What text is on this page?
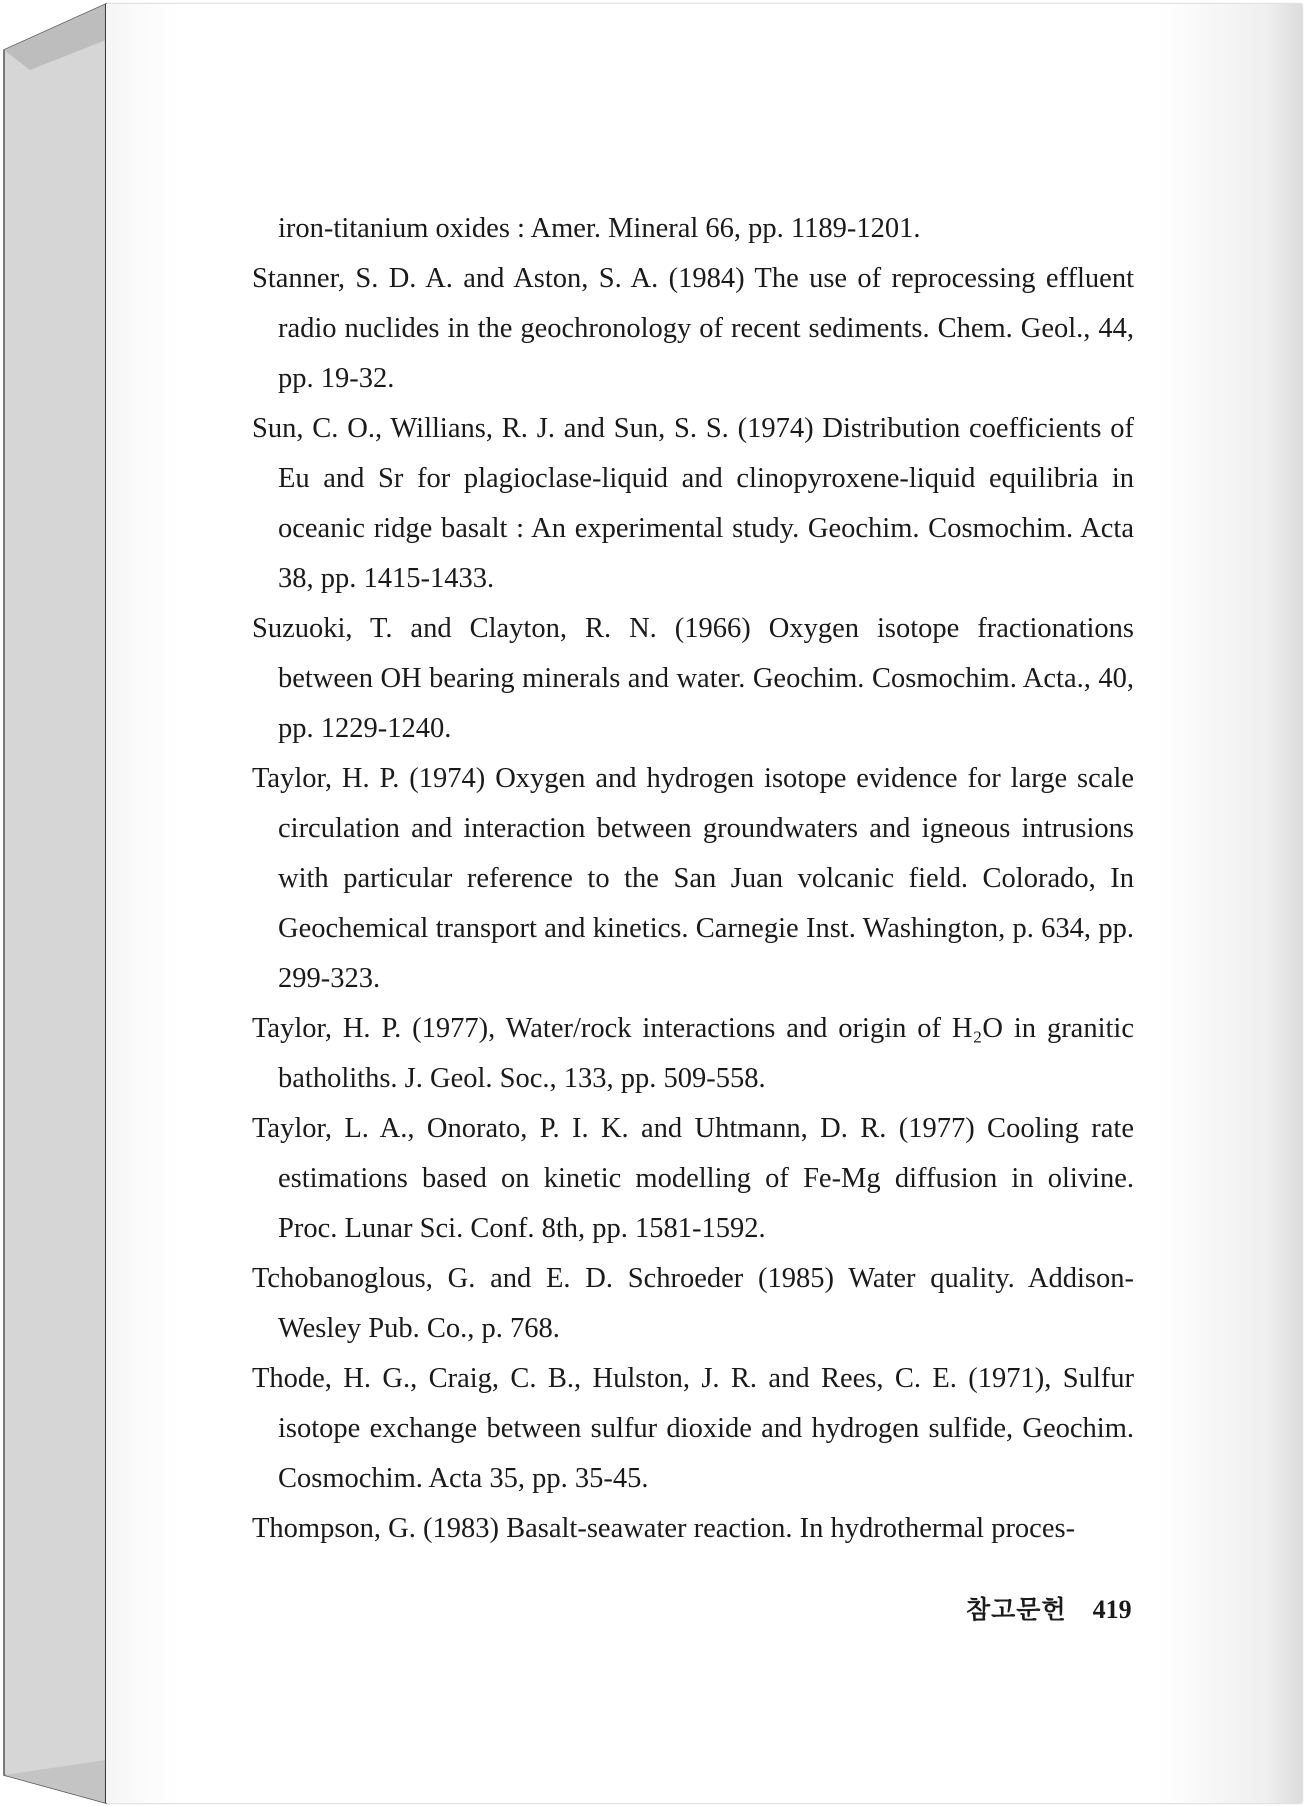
iron-titanium oxides : Amer. Mineral 66, pp. 1189-1201.

Stanner, S. D. A. and Aston, S. A. (1984) The use of reprocessing effluent radio nuclides in the geochronology of recent sediments. Chem. Geol., 44, pp. 19-32.

Sun, C. O., Willians, R. J. and Sun, S. S. (1974) Distribution coefficients of Eu and Sr for plagioclase-liquid and clinopyroxene-liquid equilibria in oceanic ridge basalt : An experimental study. Geochim. Cosmochim. Acta 38, pp. 1415-1433.

Suzuoki, T. and Clayton, R. N. (1966) Oxygen isotope fractionations between OH bearing minerals and water. Geochim. Cosmochim. Acta., 40, pp. 1229-1240.

Taylor, H. P. (1974) Oxygen and hydrogen isotope evidence for large scale circulation and interaction between groundwaters and igneous intrusions with particular reference to the San Juan volcanic field. Colorado, In Geochemical transport and kinetics. Carnegie Inst. Washington, p. 634, pp. 299-323.

Taylor, H. P. (1977), Water/rock interactions and origin of H₂O in granitic batholiths. J. Geol. Soc., 133, pp. 509-558.

Taylor, L. A., Onorato, P. I. K. and Uhtmann, D. R. (1977) Cooling rate estimations based on kinetic modelling of Fe-Mg diffusion in olivine. Proc. Lunar Sci. Conf. 8th, pp. 1581-1592.

Tchobanoglous, G. and E. D. Schroeder (1985) Water quality. Addison-Wesley Pub. Co., p. 768.

Thode, H. G., Craig, C. B., Hulston, J. R. and Rees, C. E. (1971), Sulfur isotope exchange between sulfur dioxide and hydrogen sulfide, Geochim. Cosmochim. Acta 35, pp. 35-45.

Thompson, G. (1983) Basalt-seawater reaction. In hydrothermal proces-

참고문헌 419
